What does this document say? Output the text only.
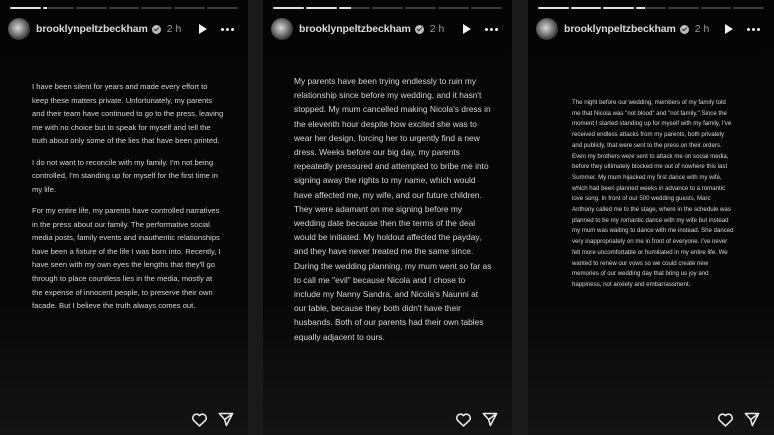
brooklynpeltzbeckham 2 h

I have been silent for years and made every effort to keep these matters private. Unfortunately, my parents and their team have continued to go to the press, leaving me with no choice but to speak for myself and tell the truth about only some of the lies that have been printed.

I do not want to reconcile with my family. I'm not being controlled, I'm standing up for myself for the first time in my life.

For my entire life, my parents have controlled narratives in the press about our family. The performative social media posts, family events and inauthentic relationships have been a fixture of the life I was born into. Recently, I have seen with my own eyes the lengths that they'll go through to place countless lies in the media, mostly at the expense of innocent people, to preserve their own facade. But I believe the truth always comes out.

brooklynpeltzbeckham 2 h

My parents have been trying endlessly to ruin my relationship since before my wedding, and it hasn't stopped. My mum cancelled making Nicola's dress in the eleventh hour despite how excited she was to wear her design, forcing her to urgently find a new dress. Weeks before our big day, my parents repeatedly pressured and attempted to bribe me into signing away the rights to my name, which would have affected me, my wife, and our future children. They were adamant on me signing before my wedding date because then the terms of the deal would be initiated. My holdout affected the payday, and they have never treated me the same since. During the wedding planning, my mum went so far as to call me "evil" because Nicola and I chose to include my Nanny Sandra, and Nicola's Naunni at our table, because they both didn't have their husbands. Both of our parents had their own tables equally adjacent to ours.

brooklynpeltzbeckham 2 h

The night before our wedding, members of my family told me that Nicola was "not blood" and "not family." Since the moment I started standing up for myself with my family, I've received endless attacks from my parents, both privately and publicly, that were sent to the press on their orders. Even my brothers were sent to attack me on social media, before they ultimately blocked me out of nowhere this last Summer. My mum hijacked my first dance with my wife, which had been planned weeks in advance to a romantic love song. In front of our 500 wedding guests, Marc Anthony called me to the stage, where in the schedule was planned to be my romantic dance with my wife but instead my mum was waiting to dance with me instead. She danced very inappropriately on me in front of everyone. I've never felt more uncomfortable or humiliated in my entire life. We wanted to renew our vows so we could create new memories of our wedding day that bring us joy and happiness, not anxiety and embarrassment.
